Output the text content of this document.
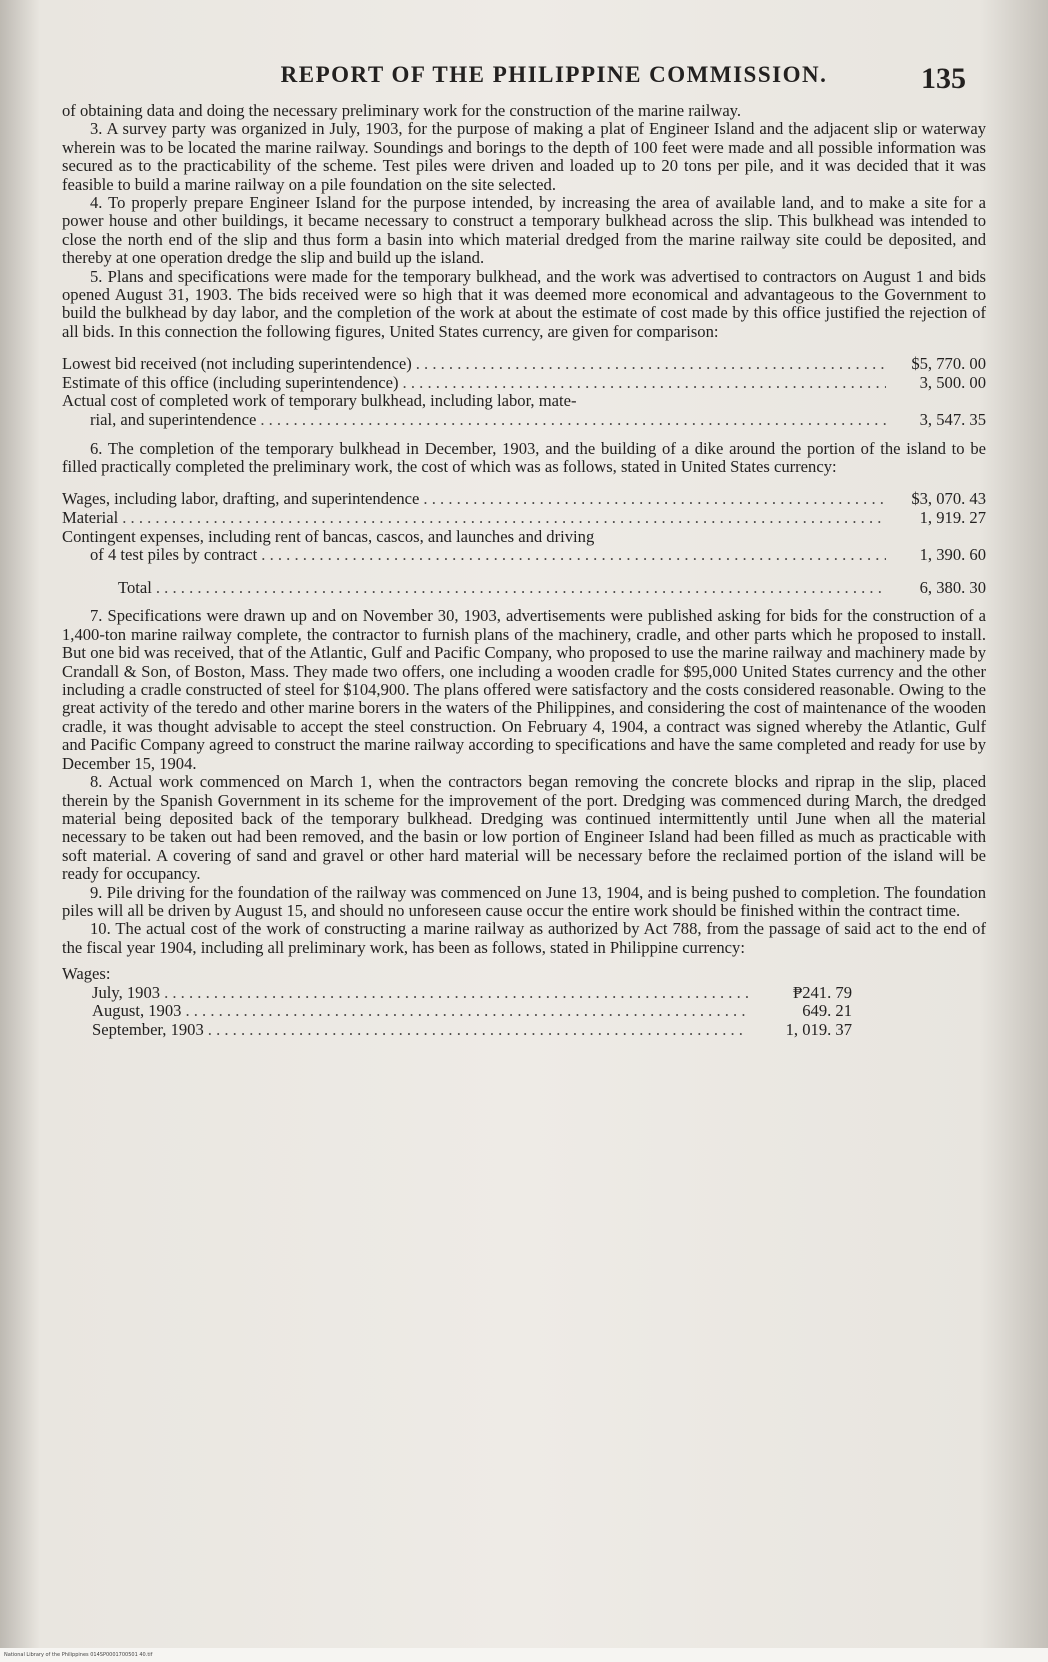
REPORT OF THE PHILIPPINE COMMISSION.	135

of obtaining data and doing the necessary preliminary work for the construction of the marine railway.

3. A survey party was organized in July, 1903, for the purpose of making a plat of Engineer Island and the adjacent slip or waterway wherein was to be located the marine railway. Soundings and borings to the depth of 100 feet were made and all possible information was secured as to the practicability of the scheme. Test piles were driven and loaded up to 20 tons per pile, and it was decided that it was feasible to build a marine railway on a pile foundation on the site selected.

4. To properly prepare Engineer Island for the purpose intended, by increasing the area of available land, and to make a site for a power house and other buildings, it became necessary to construct a temporary bulkhead across the slip. This bulkhead was intended to close the north end of the slip and thus form a basin into which material dredged from the marine railway site could be deposited, and thereby at one operation dredge the slip and build up the island.

5. Plans and specifications were made for the temporary bulkhead, and the work was advertised to contractors on August 1 and bids opened August 31, 1903. The bids received were so high that it was deemed more economical and advantageous to the Government to build the bulkhead by day labor, and the completion of the work at about the estimate of cost made by this office justified the rejection of all bids. In this connection the following figures, United States currency, are given for comparison:

Lowest bid received (not including superintendence) . . .	$5, 770. 00
Estimate of this office (including superintendence) . . .	3, 500. 00
Actual cost of completed work of temporary bulkhead, including labor, mate-
rial, and superintendence . . .	3, 547. 35

6. The completion of the temporary bulkhead in December, 1903, and the building of a dike around the portion of the island to be filled practically completed the preliminary work, the cost of which was as follows, stated in United States currency:

Wages, including labor, drafting, and superintendence . . .	$3, 070. 43
Material . . .	1, 919. 27
Contingent expenses, including rent of bancas, cascos, and launches and driving
of 4 test piles by contract . . .	1, 390. 60
Total . . .	6, 380. 30

7. Specifications were drawn up and on November 30, 1903, advertisements were published asking for bids for the construction of a 1,400-ton marine railway complete, the contractor to furnish plans of the machinery, cradle, and other parts which he proposed to install. But one bid was received, that of the Atlantic, Gulf and Pacific Company, who proposed to use the marine railway and machinery made by Crandall & Son, of Boston, Mass. They made two offers, one including a wooden cradle for $95,000 United States currency and the other including a cradle constructed of steel for $104,900. The plans offered were satisfactory and the costs considered reasonable. Owing to the great activity of the teredo and other marine borers in the waters of the Philippines, and considering the cost of maintenance of the wooden cradle, it was thought advisable to accept the steel construction. On February 4, 1904, a contract was signed whereby the Atlantic, Gulf and Pacific Company agreed to construct the marine railway according to specifications and have the same completed and ready for use by December 15, 1904.

8. Actual work commenced on March 1, when the contractors began removing the concrete blocks and riprap in the slip, placed therein by the Spanish Government in its scheme for the improvement of the port. Dredging was commenced during March, the dredged material being deposited back of the temporary bulkhead. Dredging was continued intermittently until June when all the material necessary to be taken out had been removed, and the basin or low portion of Engineer Island had been filled as much as practicable with soft material. A covering of sand and gravel or other hard material will be necessary before the reclaimed portion of the island will be ready for occupancy.

9. Pile driving for the foundation of the railway was commenced on June 13, 1904, and is being pushed to completion. The foundation piles will all be driven by August 15, and should no unforeseen cause occur the entire work should be finished within the contract time.

10. The actual cost of the work of constructing a marine railway as authorized by Act 788, from the passage of said act to the end of the fiscal year 1904, including all preliminary work, has been as follows, stated in Philippine currency:

Wages:
July, 1903 . . .	₱241. 79
August, 1903 . . .	649. 21
September, 1903 . . .	1, 019. 37
National Library of the Philippines 014SP0001700501 40.tif
